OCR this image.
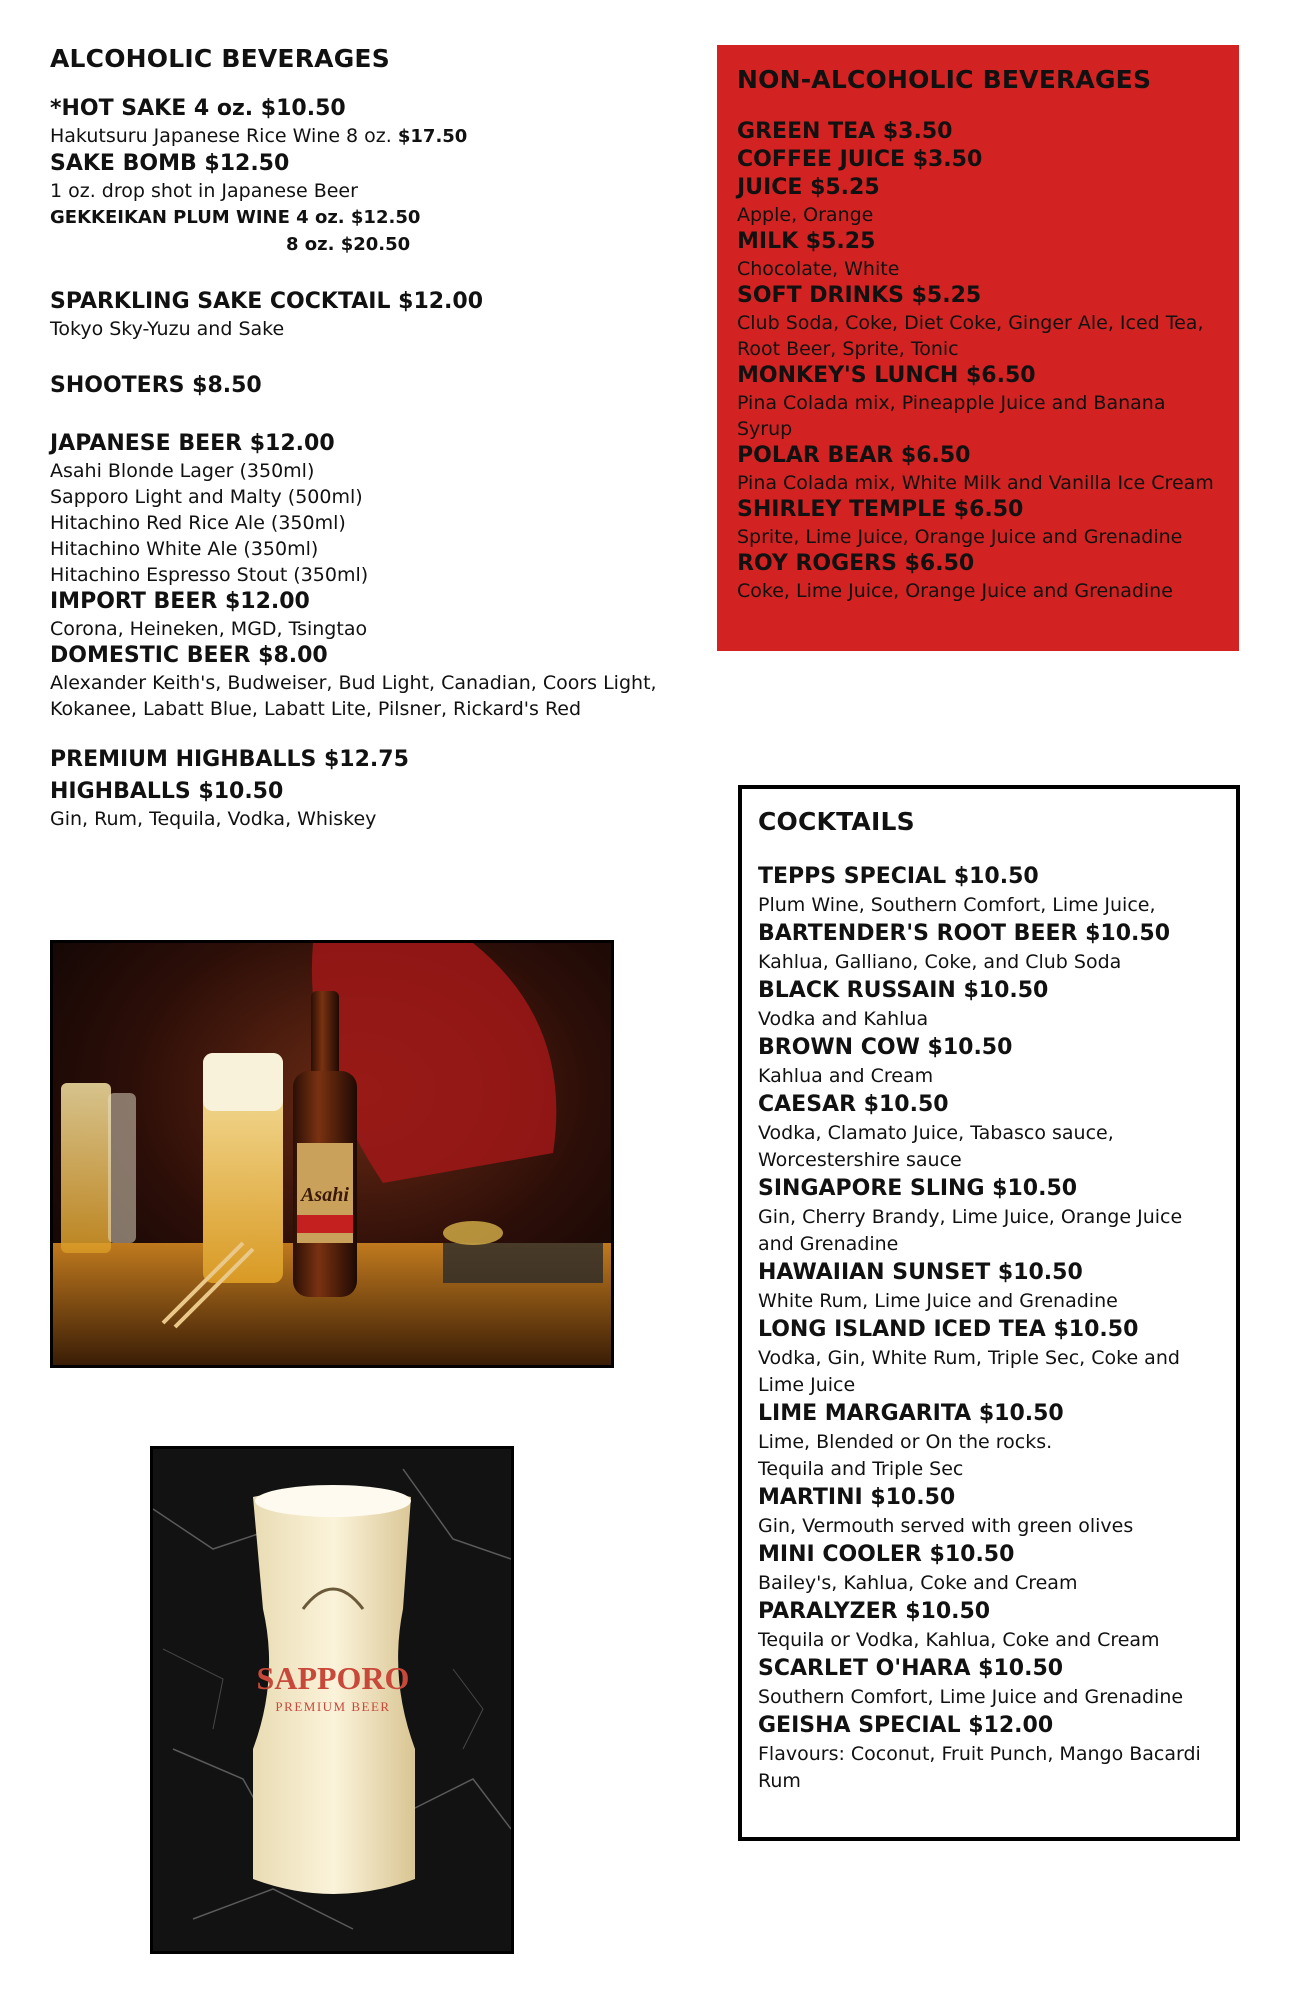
ALCOHOLIC BEVERAGES

*HOT SAKE 4 oz. $10.50

Hakutsuru Japanese Rice Wine 8 oz. $17.50

SAKE BOMB $12.50

1 oz. drop shot in Japanese Beer

GEKKEIKAN PLUM WINE 4 oz. $12.50

8 oz. $20.50

SPARKLING SAKE COCKTAIL $12.00

Tokyo Sky-Yuzu and Sake

SHOOTERS $8.50

JAPANESE BEER $12.00

Asahi Blonde Lager (350ml)

Sapporo Light and Malty (500ml)

Hitachino Red Rice Ale (350ml)

Hitachino White Ale (350ml)

Hitachino Espresso Stout (350ml)

IMPORT BEER $12.00

Corona, Heineken, MGD, Tsingtao

DOMESTIC BEER $8.00

Alexander Keith's, Budweiser, Bud Light, Canadian, Coors Light,

Kokanee, Labatt Blue, Labatt Lite, Pilsner, Rickard's Red

PREMIUM HIGHBALLS $12.75

HIGHBALLS $10.50

Gin, Rum, Tequila, Vodka, Whiskey

NON-ALCOHOLIC BEVERAGES

GREEN TEA $3.50

COFFEE JUICE $3.50

JUICE $5.25

Apple, Orange

MILK $5.25

Chocolate, White

SOFT DRINKS $5.25

Club Soda, Coke, Diet Coke, Ginger Ale, Iced Tea, Root Beer, Sprite, Tonic

MONKEY'S LUNCH $6.50

Pina Colada mix, Pineapple Juice and Banana Syrup

POLAR BEAR $6.50

Pina Colada mix, White Milk and Vanilla Ice Cream

SHIRLEY TEMPLE $6.50

Sprite, Lime Juice, Orange Juice and Grenadine

ROY ROGERS $6.50

Coke, Lime Juice, Orange Juice and Grenadine

COCKTAILS

TEPPS SPECIAL $10.50

Plum Wine, Southern Comfort, Lime Juice,

BARTENDER'S ROOT BEER $10.50

Kahlua, Galliano, Coke, and Club Soda

BLACK RUSSAIN $10.50

Vodka and Kahlua

BROWN COW $10.50

Kahlua and Cream

CAESAR $10.50

Vodka, Clamato Juice, Tabasco sauce, Worcestershire sauce

SINGAPORE SLING $10.50

Gin, Cherry Brandy, Lime Juice, Orange Juice and Grenadine

HAWAIIAN SUNSET $10.50

White Rum, Lime Juice and Grenadine

LONG ISLAND ICED TEA $10.50

Vodka, Gin, White Rum, Triple Sec, Coke and Lime Juice

LIME MARGARITA $10.50

Lime, Blended or On the rocks.

Tequila and Triple Sec

MARTINI $10.50

Gin, Vermouth served with green olives

MINI COOLER $10.50

Bailey's, Kahlua, Coke and Cream

PARALYZER $10.50

Tequila or Vodka, Kahlua, Coke and Cream

SCARLET O'HARA $10.50

Southern Comfort, Lime Juice and Grenadine

GEISHA SPECIAL $12.00

Flavours: Coconut, Fruit Punch, Mango Bacardi Rum

Asahi
SAPPORO
PREMIUM BEER
